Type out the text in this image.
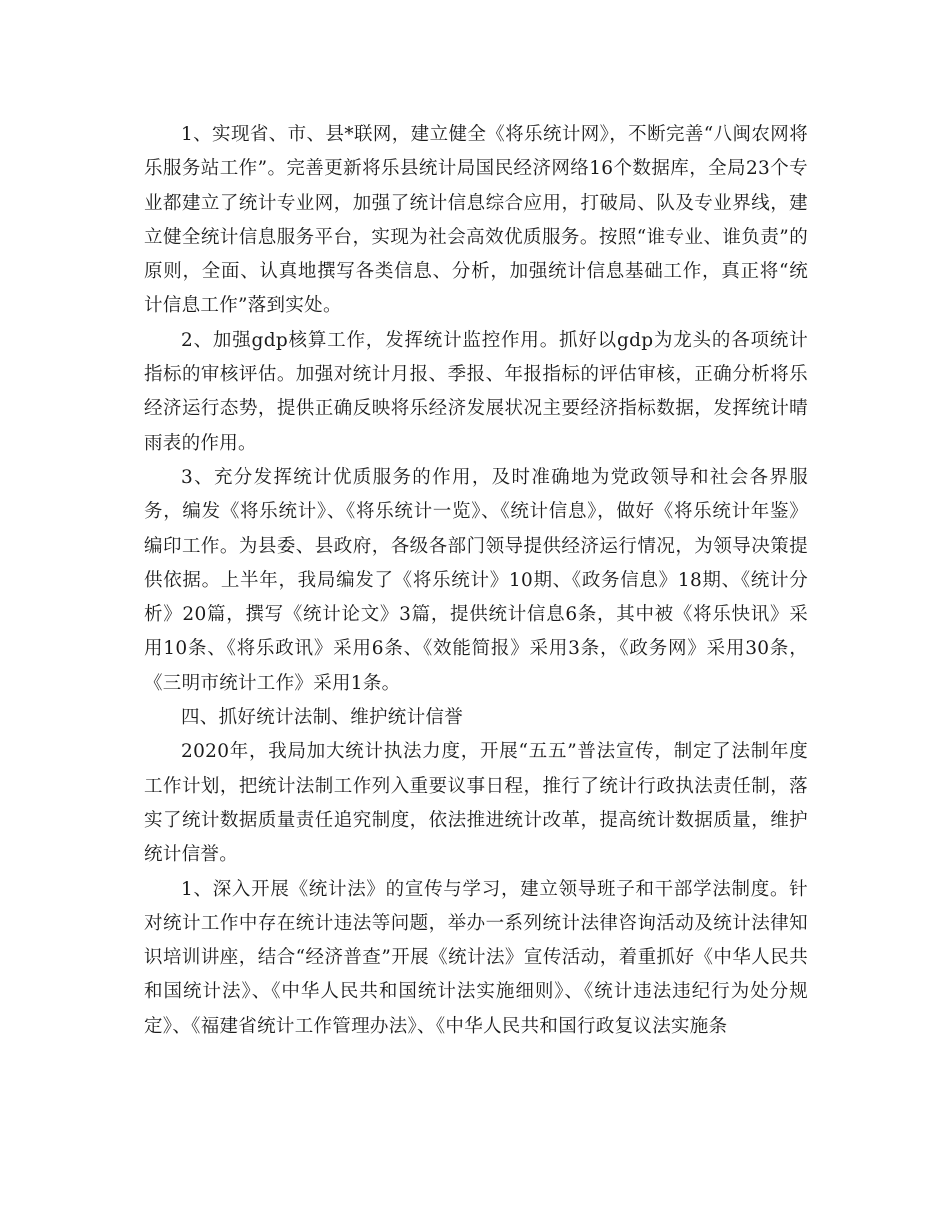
1、实现省、市、县*联网，建立健全《将乐统计网》，不断完善“八闽农网将乐服务站工作”。完善更新将乐县统计局国民经济网络16个数据库，全局23个专业都建立了统计专业网，加强了统计信息综合应用，打破局、队及专业界线，建立健全统计信息服务平台，实现为社会高效优质服务。按照“谁专业、谁负责”的原则，全面、认真地撰写各类信息、分析，加强统计信息基础工作，真正将“统计信息工作”落到实处。

2、加强gdp核算工作，发挥统计监控作用。抓好以gdp为龙头的各项统计指标的审核评估。加强对统计月报、季报、年报指标的评估审核，正确分析将乐经济运行态势，提供正确反映将乐经济发展状况主要经济指标数据，发挥统计晴雨表的作用。

3、充分发挥统计优质服务的作用，及时准确地为党政领导和社会各界服务，编发《将乐统计》、《将乐统计一览》、《统计信息》，做好《将乐统计年鉴》编印工作。为县委、县政府，各级各部门领导提供经济运行情况，为领导决策提供依据。上半年，我局编发了《将乐统计》10期、《政务信息》18期、《统计分析》20篇，撰写《统计论文》3篇，提供统计信息6条，其中被《将乐快讯》采用10条、《将乐政讯》采用6条、《效能简报》采用3条，《政务网》采用30条，《三明市统计工作》采用1条。

四、抓好统计法制、维护统计信誉

2020年，我局加大统计执法力度，开展“五五”普法宣传，制定了法制年度工作计划，把统计法制工作列入重要议事日程，推行了统计行政执法责任制，落实了统计数据质量责任追究制度，依法推进统计改革，提高统计数据质量，维护统计信誉。

1、深入开展《统计法》的宣传与学习，建立领导班子和干部学法制度。针对统计工作中存在统计违法等问题，举办一系列统计法律咨询活动及统计法律知识培训讲座，结合“经济普查”开展《统计法》宣传活动，着重抓好《中华人民共和国统计法》、《中华人民共和国统计法实施细则》、《统计违法违纪行为处分规定》、《福建省统计工作管理办法》、《中华人民共和国行政复议法实施条
